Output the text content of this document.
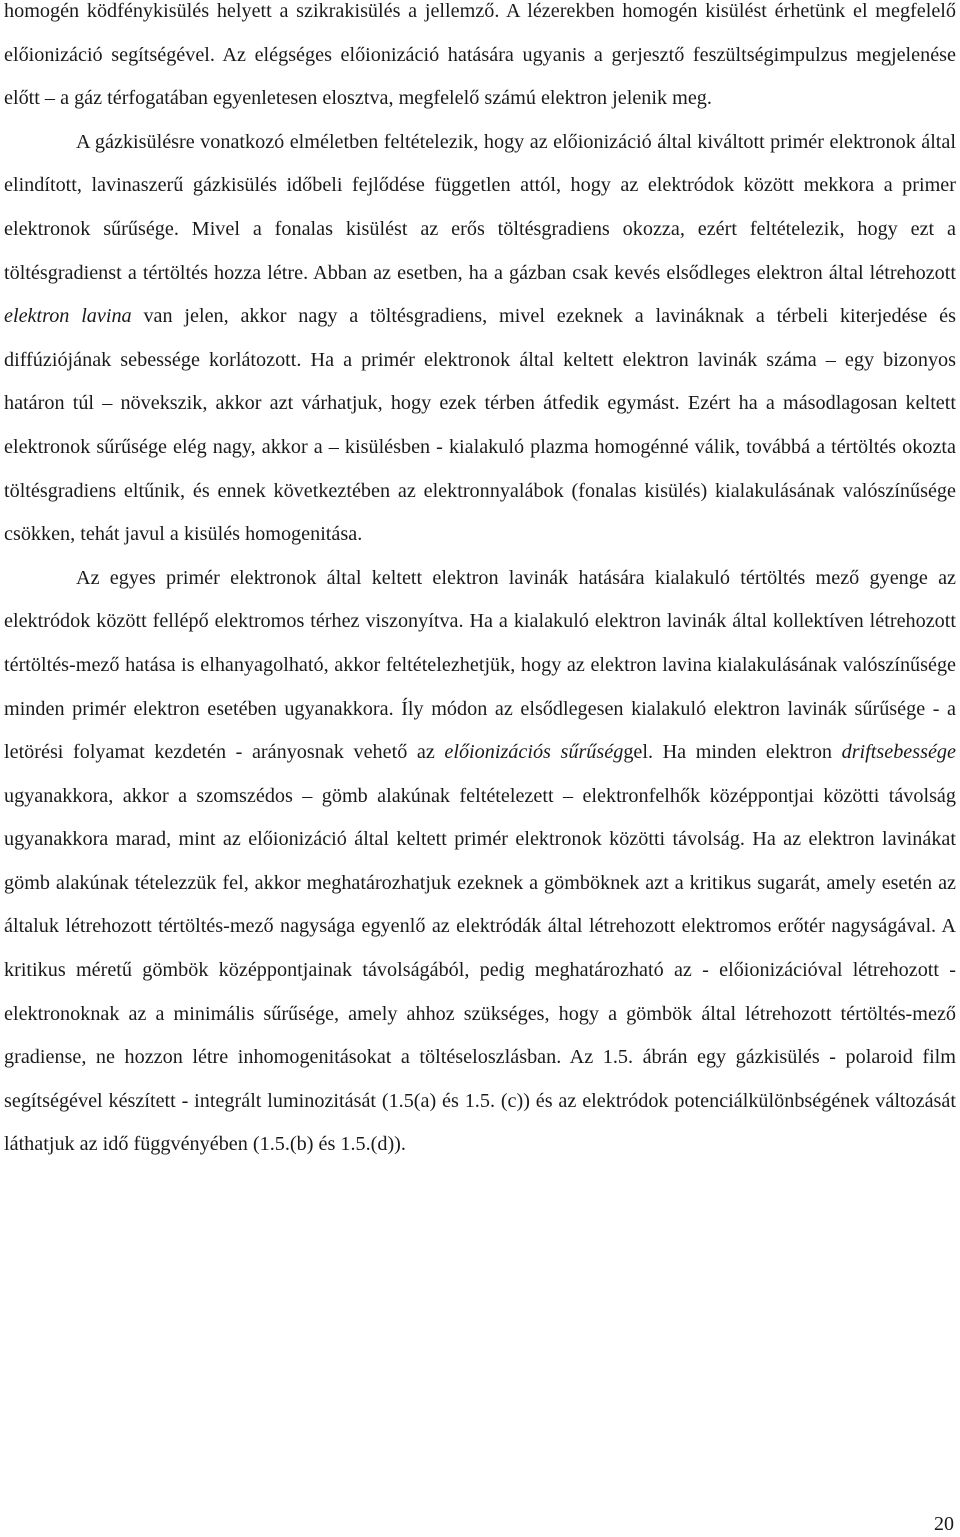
homogén ködfénykisülés helyett a szikrakisülés a jellemző. A lézerekben homogén kisülést érhetünk el megfelelő előionizáció segítségével. Az elégséges előionizáció hatására ugyanis a gerjesztő feszültségimpulzus megjelenése előtt – a gáz térfogatában egyenletesen elosztva, megfelelő számú elektron jelenik meg.

A gázkisülésre vonatkozó elméletben feltételezik, hogy az előionizáció által kiváltott primér elektronok által elindított, lavinaszerű gázkisülés időbeli fejlődése független attól, hogy az elektródok között mekkora a primer elektronok sűrűsége. Mivel a fonalas kisülést az erős töltésgradiens okozza, ezért feltételezik, hogy ezt a töltésgradienst a tértöltés hozza létre. Abban az esetben, ha a gázban csak kevés elsődleges elektron által létrehozott elektron lavina van jelen, akkor nagy a töltésgradiens, mivel ezeknek a lavináknak a térbeli kiterjedése és diffúziójának sebessége korlátozott. Ha a primér elektronok által keltett elektron lavinák száma – egy bizonyos határon túl – növekszik, akkor azt várhatjuk, hogy ezek térben átfedik egymást. Ezért ha a másodlagosan keltett elektronok sűrűsége elég nagy, akkor a – kisülésben - kialakuló plazma homogénné válik, továbbá a tértöltés okozta töltésgradiens eltűnik, és ennek következtében az elektronnyalábok (fonalas kisülés) kialakulásának valószínűsége csökken, tehát javul a kisülés homogenitása.

Az egyes primér elektronok által keltett elektron lavinák hatására kialakuló tértöltés mező gyenge az elektródok között fellépő elektromos térhez viszonyítva. Ha a kialakuló elektron lavinák által kollektíven létrehozott tértöltés-mező hatása is elhanyagolható, akkor feltételezhetjük, hogy az elektron lavina kialakulásának valószínűsége minden primér elektron esetében ugyanakkora. Íly módon az elsődlegesen kialakuló elektron lavinák sűrűsége - a letörési folyamat kezdetén - arányosnak vehető az előionizációs sűrűséggel. Ha minden elektron driftsebessége ugyanakkora, akkor a szomszédos – gömb alakúnak feltételezett – elektronfelhők középpontjai közötti távolság ugyanakkora marad, mint az előionizáció által keltett primér elektronok közötti távolság. Ha az elektron lavinákat gömb alakúnak tételezzük fel, akkor meghatározhatjuk ezeknek a gömböknek azt a kritikus sugarát, amely esetén az általuk létrehozott tértöltés-mező nagysága egyenlő az elektródák által létrehozott elektromos erőtér nagyságával. A kritikus méretű gömbök középpontjainak távolságából, pedig meghatározható az - előionizációval létrehozott - elektronoknak az a minimális sűrűsége, amely ahhoz szükséges, hogy a gömbök által létrehozott tértöltés-mező gradiense, ne hozzon létre inhomogenitásokat a töltéseloszlásban. Az 1.5. ábrán egy gázkisülés - polaroid film segítségével készített - integrált luminozitását (1.5(a) és 1.5. (c)) és az elektródok potenciálkülönbségének változását láthatjuk az idő függvényében (1.5.(b) és 1.5.(d)).

20
